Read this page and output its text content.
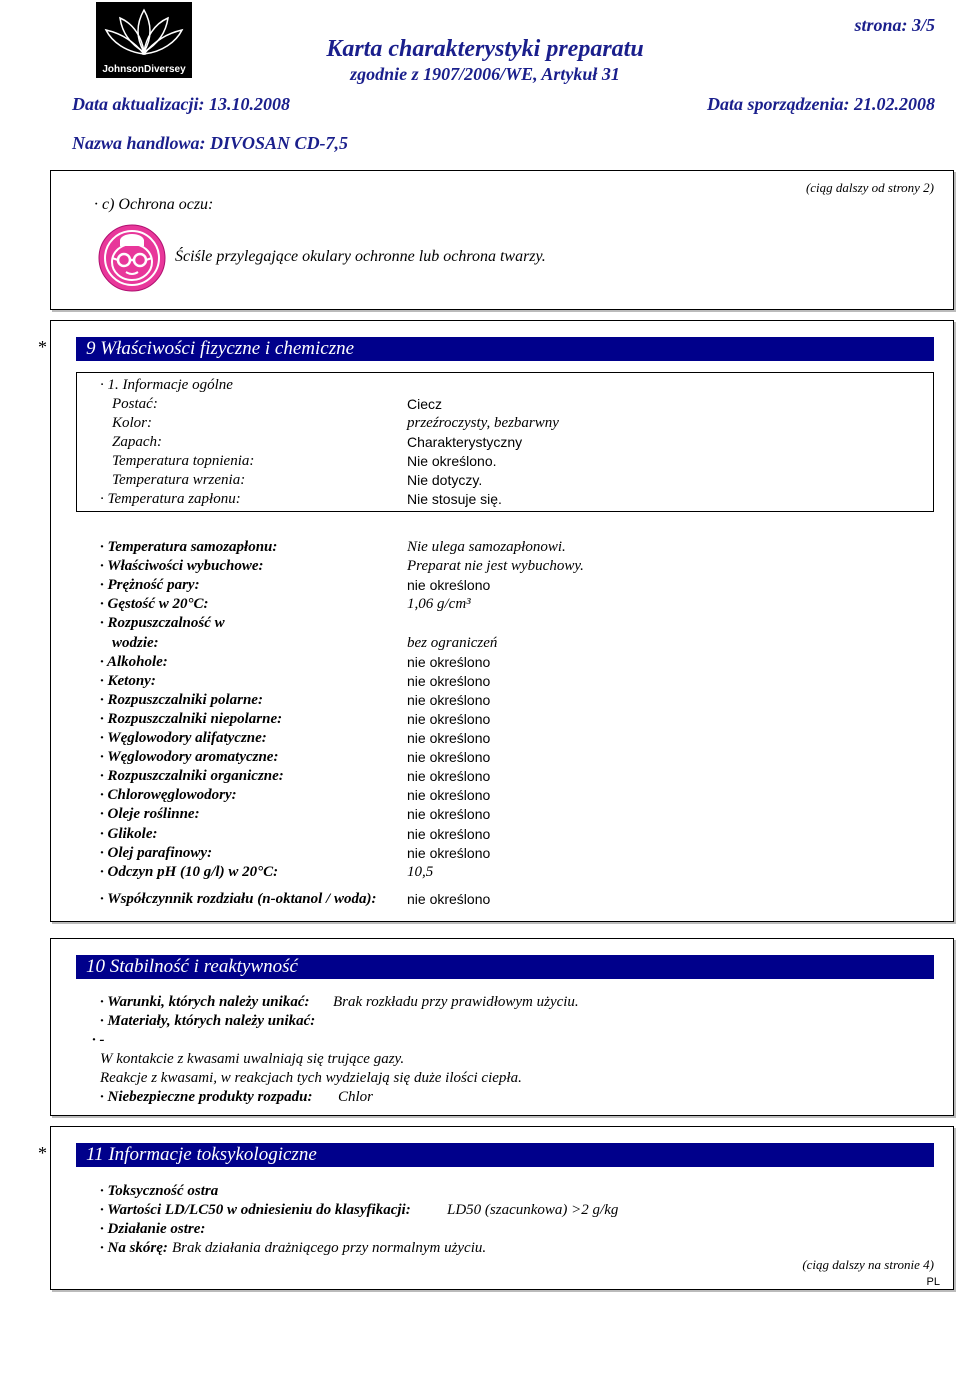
JohnsonDiversey
Karta charakterystyki preparatu
zgodnie z 1907/2006/WE, Artykuł 31
strona: 3/5
Data aktualizacji: 13.10.2008	Data sporządzenia: 21.02.2008
Nazwa handlowa: DIVOSAN CD-7,5
(ciąg dalszy od strony 2)
· c) Ochrona oczu:
Ściśle przylegające okulary ochronne lub ochrona twarzy.
*	9 Właściwości fizyczne i chemiczne
· 1. Informacje ogólne
Postać:	Ciecz
Kolor:	przeźroczysty, bezbarwny
Zapach:	Charakterystyczny
Temperatura topnienia:	Nie określono.
Temperatura wrzenia:	Nie dotyczy.
· Temperatura zapłonu:	Nie stosuje się.
· Temperatura samozapłonu:	Nie ulega samozapłonowi.
· Właściwości wybuchowe:	Preparat nie jest wybuchowy.
· Prężność pary:	nie określono
· Gęstość w 20°C:	1,06 g/cm³
· Rozpuszczalność w
wodzie:	bez ograniczeń
· Alkohole:	nie określono
· Ketony:	nie określono
· Rozpuszczalniki polarne:	nie określono
· Rozpuszczalniki niepolarne:	nie określono
· Węglowodory alifatyczne:	nie określono
· Węglowodory aromatyczne:	nie określono
· Rozpuszczalniki organiczne:	nie określono
· Chlorowęglowodory:	nie określono
· Oleje roślinne:	nie określono
· Glikole:	nie określono
· Olej parafinowy:	nie określono
· Odczyn pH (10 g/l) w 20°C:	10,5
· Współczynnik rozdziału (n-oktanol / woda): nie określono
10 Stabilność i reaktywność
· Warunki, których należy unikać: Brak rozkładu przy prawidłowym użyciu.
· Materiały, których należy unikać:
· -
W kontakcie z kwasami uwalniają się trujące gazy.
Reakcje z kwasami, w reakcjach tych wydzielają się duże ilości ciepła.
· Niebezpieczne produkty rozpadu: Chlor
*	11 Informacje toksykologiczne
· Toksyczność ostra
· Wartości LD/LC50 w odniesieniu do klasyfikacji: LD50 (szacunkowa) >2 g/kg
· Działanie ostre:
· Na skórę: Brak działania drażniącego przy normalnym użyciu.
(ciąg dalszy na stronie 4)
PL
